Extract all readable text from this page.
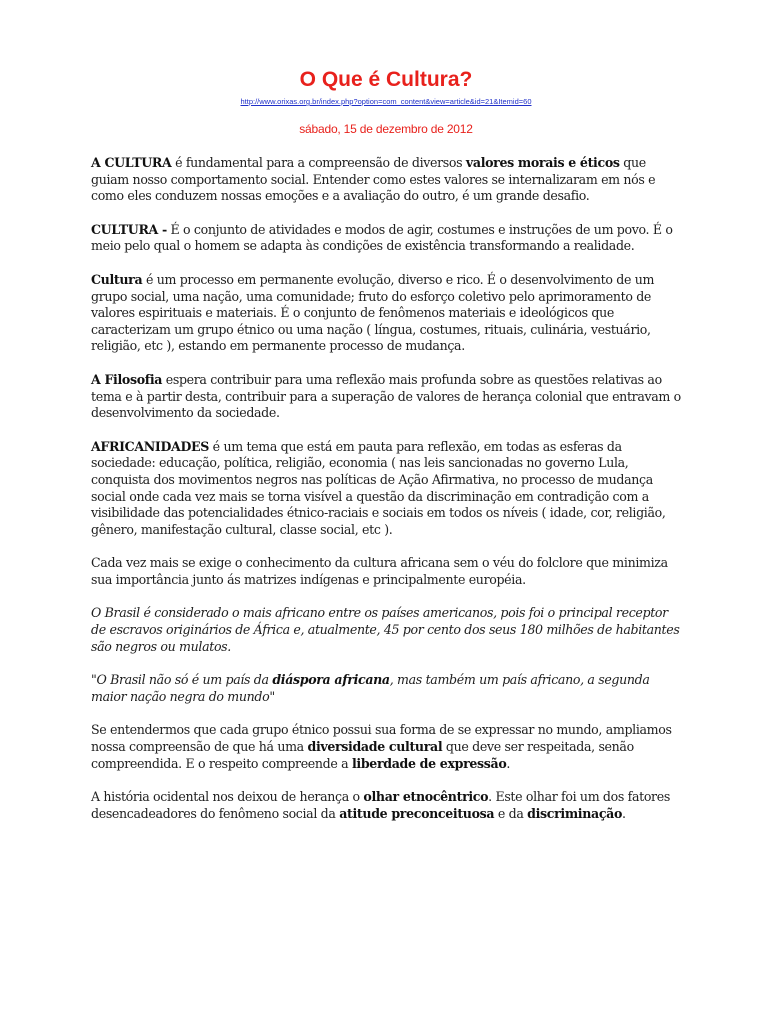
O Que é Cultura?
http://www.orixas.org.br/index.php?option=com_content&view=article&id=21&Itemid=60
sábado, 15 de dezembro de 2012

A CULTURA é fundamental para a compreensão de diversos valores morais e éticos que guiam nosso comportamento social. Entender como estes valores se internalizaram em nós e como eles conduzem nossas emoções e a avaliação do outro, é um grande desafio.

CULTURA - É o conjunto de atividades e modos de agir, costumes e instruções de um povo. É o meio pelo qual o homem se adapta às condições de existência transformando a realidade.

Cultura é um processo em permanente evolução, diverso e rico. É o desenvolvimento de um grupo social, uma nação, uma comunidade; fruto do esforço coletivo pelo aprimoramento de valores espirituais e materiais. É o conjunto de fenômenos materiais e ideológicos que caracterizam um grupo étnico ou uma nação ( língua, costumes, rituais, culinária, vestuário, religião, etc ), estando em permanente processo de mudança.

A Filosofia espera contribuir para uma reflexão mais profunda sobre as questões relativas ao tema e à partir desta, contribuir para a superação de valores de herança colonial que entravam o desenvolvimento da sociedade.

AFRICANIDADES é um tema que está em pauta para reflexão, em todas as esferas da sociedade: educação, política, religião, economia ( nas leis sancionadas no governo Lula, conquista dos movimentos negros nas políticas de Ação Afirmativa, no processo de mudança social onde cada vez mais se torna visível a questão da discriminação em contradição com a visibilidade das potencialidades étnico-raciais e sociais em todos os níveis ( idade, cor, religião, gênero, manifestação cultural, classe social, etc ).

Cada vez mais se exige o conhecimento da cultura africana sem o véu do folclore que minimiza sua importância junto ás matrizes indígenas e principalmente européia.

O Brasil é considerado o mais africano entre os países americanos, pois foi o principal receptor de escravos originários de África e, atualmente, 45 por cento dos seus 180 milhões de habitantes são negros ou mulatos.

"O Brasil não só é um país da diáspora africana, mas também um país africano, a segunda maior nação negra do mundo"

Se entendermos que cada grupo étnico possui sua forma de se expressar no mundo, ampliamos nossa compreensão de que há uma diversidade cultural que deve ser respeitada, senão compreendida. E o respeito compreende a liberdade de expressão.

A história ocidental nos deixou de herança o olhar etnocêntrico. Este olhar foi um dos fatores desencadeadores do fenômeno social da atitude preconceituosa e da discriminação.
